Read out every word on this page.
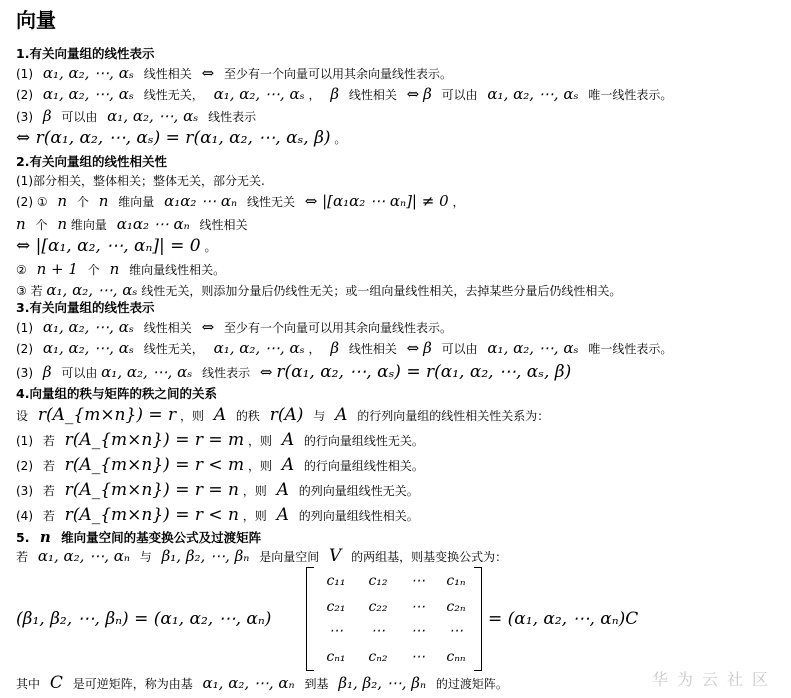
向量
1.有关向量组的线性表示
(1) α₁, α₂, ⋯, αₛ 线性相关 ⇔ 至少有一个向量可以用其余向量线性表示。
(2) α₁, α₂, ⋯, αₛ 线性无关， α₁, α₂, ⋯, αₛ ， β 线性相关 ⇔ β 可以由 α₁, α₂, ⋯, αₛ 唯一线性表示。
(3) β 可以由 α₁, α₂, ⋯, αₛ 线性表示
⇔ r(α₁, α₂, ⋯, αₛ) = r(α₁, α₂, ⋯, αₛ, β) 。
2.有关向量组的线性相关性
(1)部分相关，整体相关；整体无关，部分无关.
(2) ① n 个 n 维向量 α₁α₂ ⋯ αₙ 线性无关 ⇔ |[α₁α₂ ⋯ αₙ]| ≠ 0 ，
n 个 n 维向量 α₁α₂ ⋯ αₙ 线性相关
⇔ |[α₁, α₂, ⋯, αₙ]| = 0 。
② n + 1 个 n 维向量线性相关。
③ 若 α₁, α₂, ⋯, αₛ 线性无关，则添加分量后仍线性无关；或一组向量线性相关，去掉某些分量后仍线性相关。
3.有关向量组的线性表示
(1) α₁, α₂, ⋯, αₛ 线性相关 ⇔ 至少有一个向量可以用其余向量线性表示。
(2) α₁, α₂, ⋯, αₛ 线性无关， α₁, α₂, ⋯, αₛ ， β 线性相关 ⇔ β 可以由 α₁, α₂, ⋯, αₛ 唯一线性表示。
(3) β 可以由 α₁, α₂, ⋯, αₛ 线性表示 ⇔ r(α₁, α₂, ⋯, αₛ) = r(α₁, α₂, ⋯, αₛ, β)
4.向量组的秩与矩阵的秩之间的关系
设 r(A_{m×n}) = r ，则 A 的秩 r(A) 与 A 的行列向量组的线性相关性关系为：
(1) 若 r(A_{m×n}) = r = m ，则 A 的行向量组线性无关。
(2) 若 r(A_{m×n}) = r < m ，则 A 的行向量组线性相关。
(3) 若 r(A_{m×n}) = r = n ，则 A 的列向量组线性无关。
(4) 若 r(A_{m×n}) = r < n ，则 A 的列向量组线性相关。
5. n 维向量空间的基变换公式及过渡矩阵
若 α₁, α₂, ⋯, αₙ 与 β₁, β₂, ⋯, βₙ 是向量空间 V 的两组基，则基变换公式为：
(β₁, β₂, ⋯, βₙ) = (α₁, α₂, ⋯, αₙ)
c₁₁	c₁₂	⋯	c₁ₙ
c₂₁	c₂₂	⋯	c₂ₙ
⋯	⋯	⋯	⋯
cₙ₁	cₙ₂	⋯	cₙₙ
= (α₁, α₂, ⋯, αₙ)C
其中 C 是可逆矩阵，称为由基 α₁, α₂, ⋯, αₙ 到基 β₁, β₂, ⋯, βₙ 的过渡矩阵。	华为云社区
